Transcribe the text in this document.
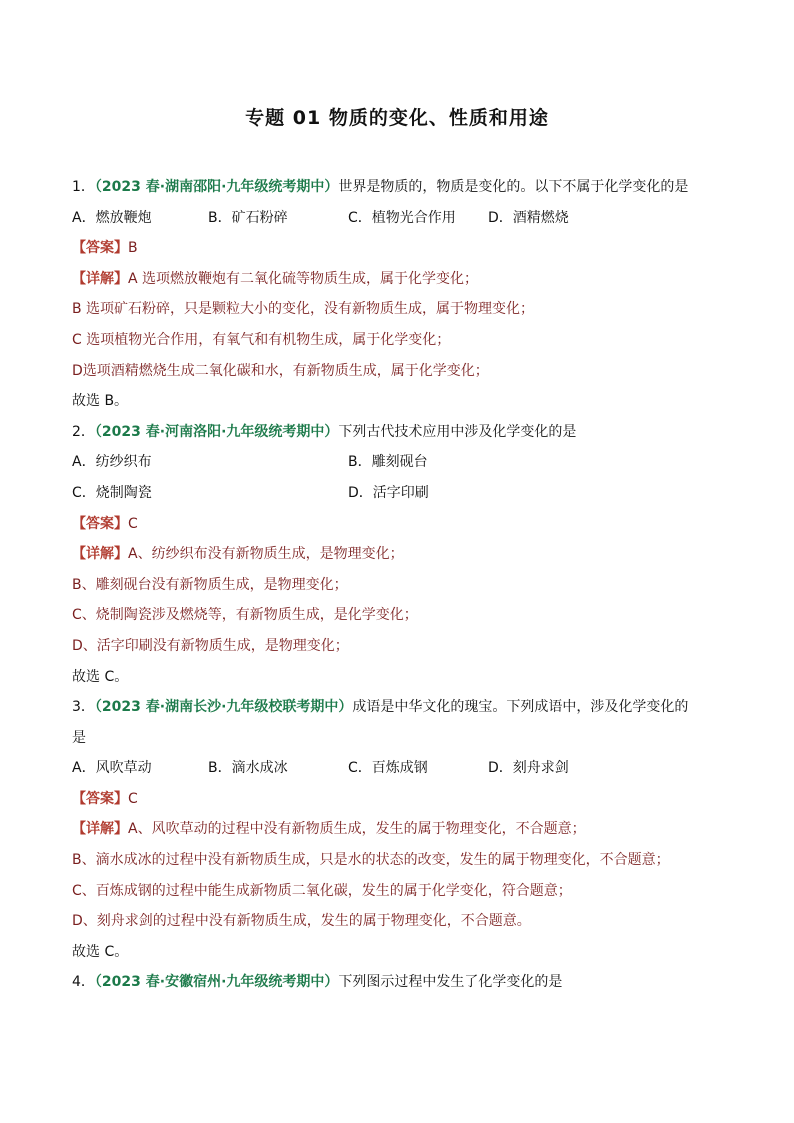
专题 01 物质的变化、性质和用途
1．（2023 春·湖南邵阳·九年级统考期中）世界是物质的，物质是变化的。以下不属于化学变化的是
A．燃放鞭炮	B．矿石粉碎	C．植物光合作用	D．酒精燃烧
【答案】B
【详解】A 选项燃放鞭炮有二氧化硫等物质生成，属于化学变化；
B 选项矿石粉碎，只是颗粒大小的变化，没有新物质生成，属于物理变化；
C 选项植物光合作用，有氧气和有机物生成，属于化学变化；
D选项酒精燃烧生成二氧化碳和水，有新物质生成，属于化学变化；
故选 B。
2．（2023 春·河南洛阳·九年级统考期中）下列古代技术应用中涉及化学变化的是
A．纺纱织布	B．雕刻砚台
C．烧制陶瓷	D．活字印刷
【答案】C
【详解】A、纺纱织布没有新物质生成，是物理变化；
B、雕刻砚台没有新物质生成，是物理变化；
C、烧制陶瓷涉及燃烧等，有新物质生成，是化学变化；
D、活字印刷没有新物质生成，是物理变化；
故选 C。
3．（2023 春·湖南长沙·九年级校联考期中）成语是中华文化的瑰宝。下列成语中，涉及化学变化的
是
A．风吹草动	B．滴水成冰	C．百炼成钢	D．刻舟求剑
【答案】C
【详解】A、风吹草动的过程中没有新物质生成，发生的属于物理变化，不合题意；
B、滴水成冰的过程中没有新物质生成，只是水的状态的改变，发生的属于物理变化，不合题意；
C、百炼成钢的过程中能生成新物质二氧化碳，发生的属于化学变化，符合题意；
D、刻舟求剑的过程中没有新物质生成，发生的属于物理变化，不合题意。
故选 C。
4．（2023 春·安徽宿州·九年级统考期中）下列图示过程中发生了化学变化的是
